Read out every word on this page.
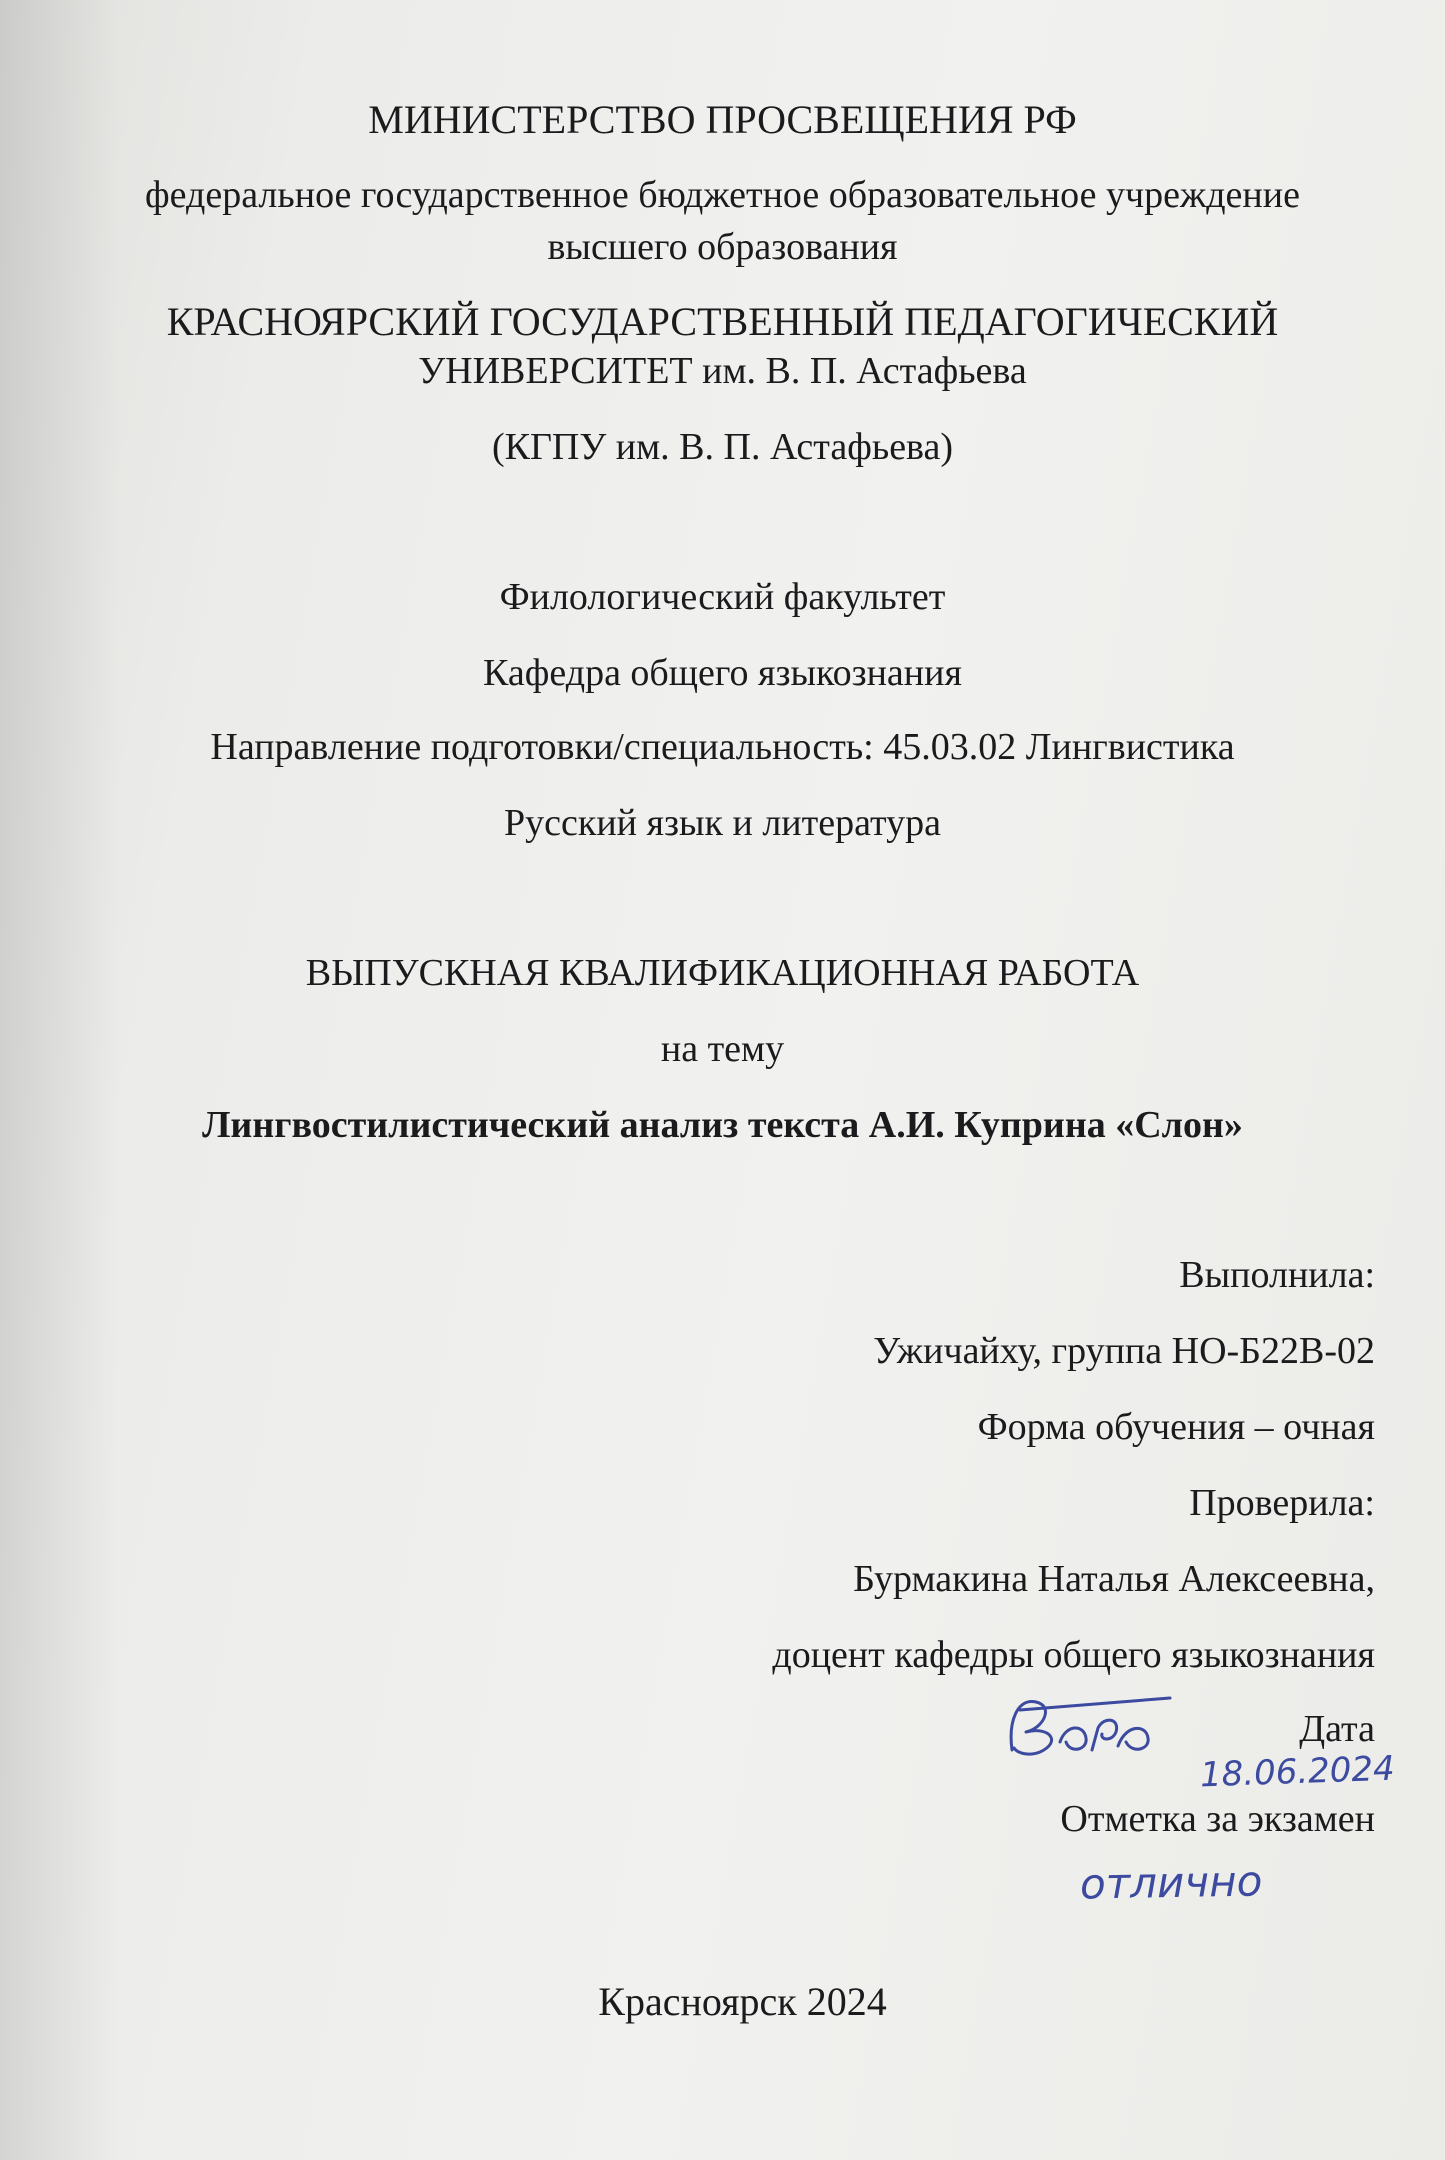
МИНИСТЕРСТВО ПРОСВЕЩЕНИЯ РФ
федеральное государственное бюджетное образовательное учреждение
высшего образования
КРАСНОЯРСКИЙ ГОСУДАРСТВЕННЫЙ ПЕДАГОГИЧЕСКИЙ
УНИВЕРСИТЕТ им. В. П. Астафьева
(КГПУ им. В. П. Астафьева)
Филологический факультет
Кафедра общего языкознания
Направление подготовки/специальность: 45.03.02 Лингвистика
Русский язык и литература
ВЫПУСКНАЯ КВАЛИФИКАЦИОННАЯ РАБОТА
на тему
Лингвостилистический анализ текста А.И. Куприна «Слон»
Выполнила:
Ужичайху, группа НО-Б22В-02
Форма обучения – очная
Проверила:
Бурмакина Наталья Алексеевна,
доцент кафедры общего языкознания
Дата
18.06.2024
Отметка за экзамен
отлично
Красноярск 2024
